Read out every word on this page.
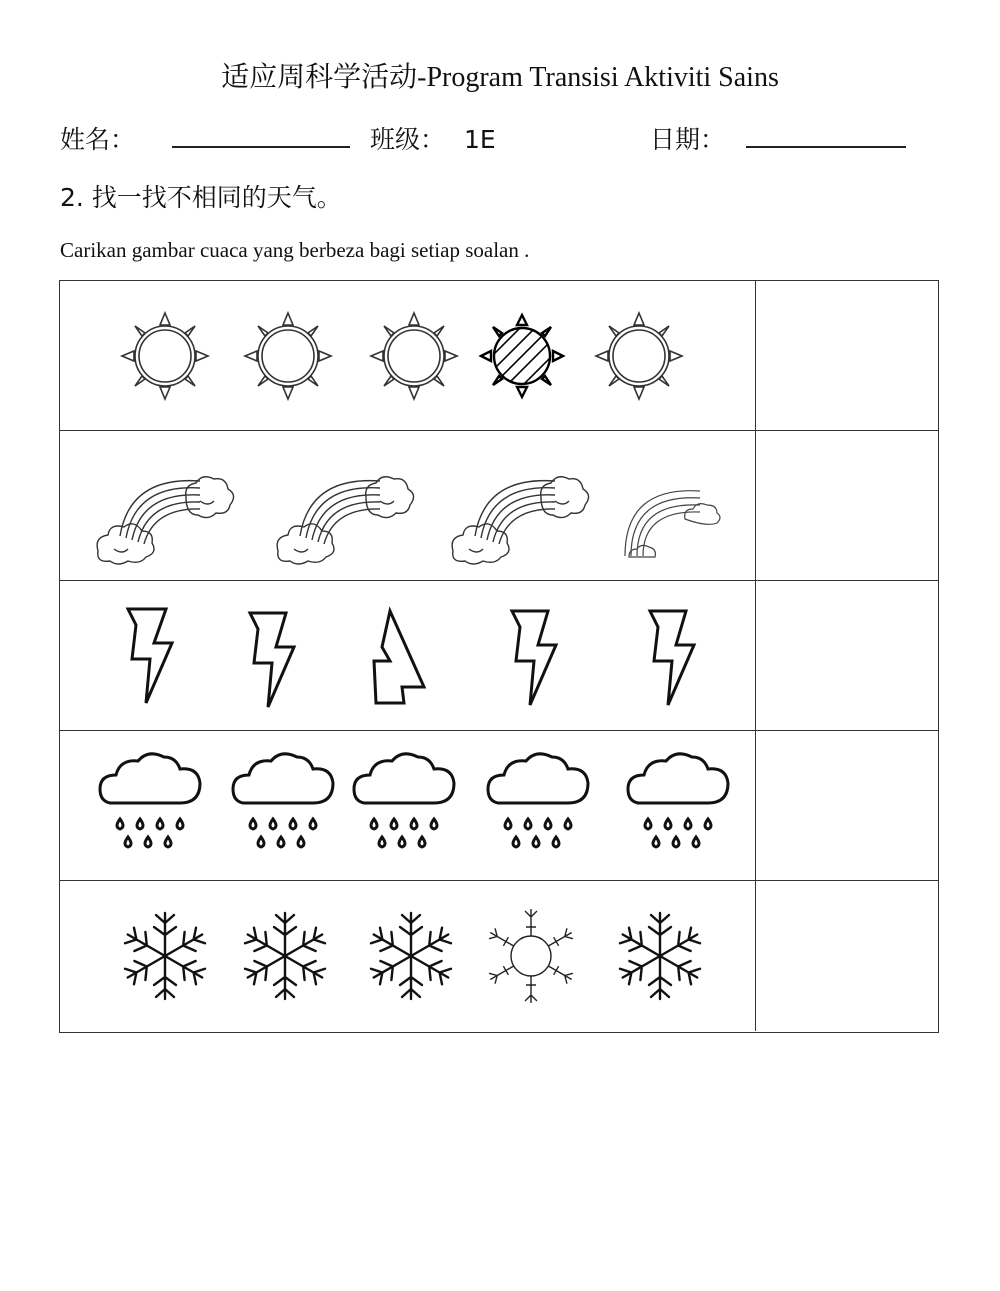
适应周科学活动-Program Transisi Aktiviti Sains
姓名：	班级： 1E	日期：
2. 找一找不相同的天气。
Carikan gambar cuaca yang berbeza bagi setiap soalan .
